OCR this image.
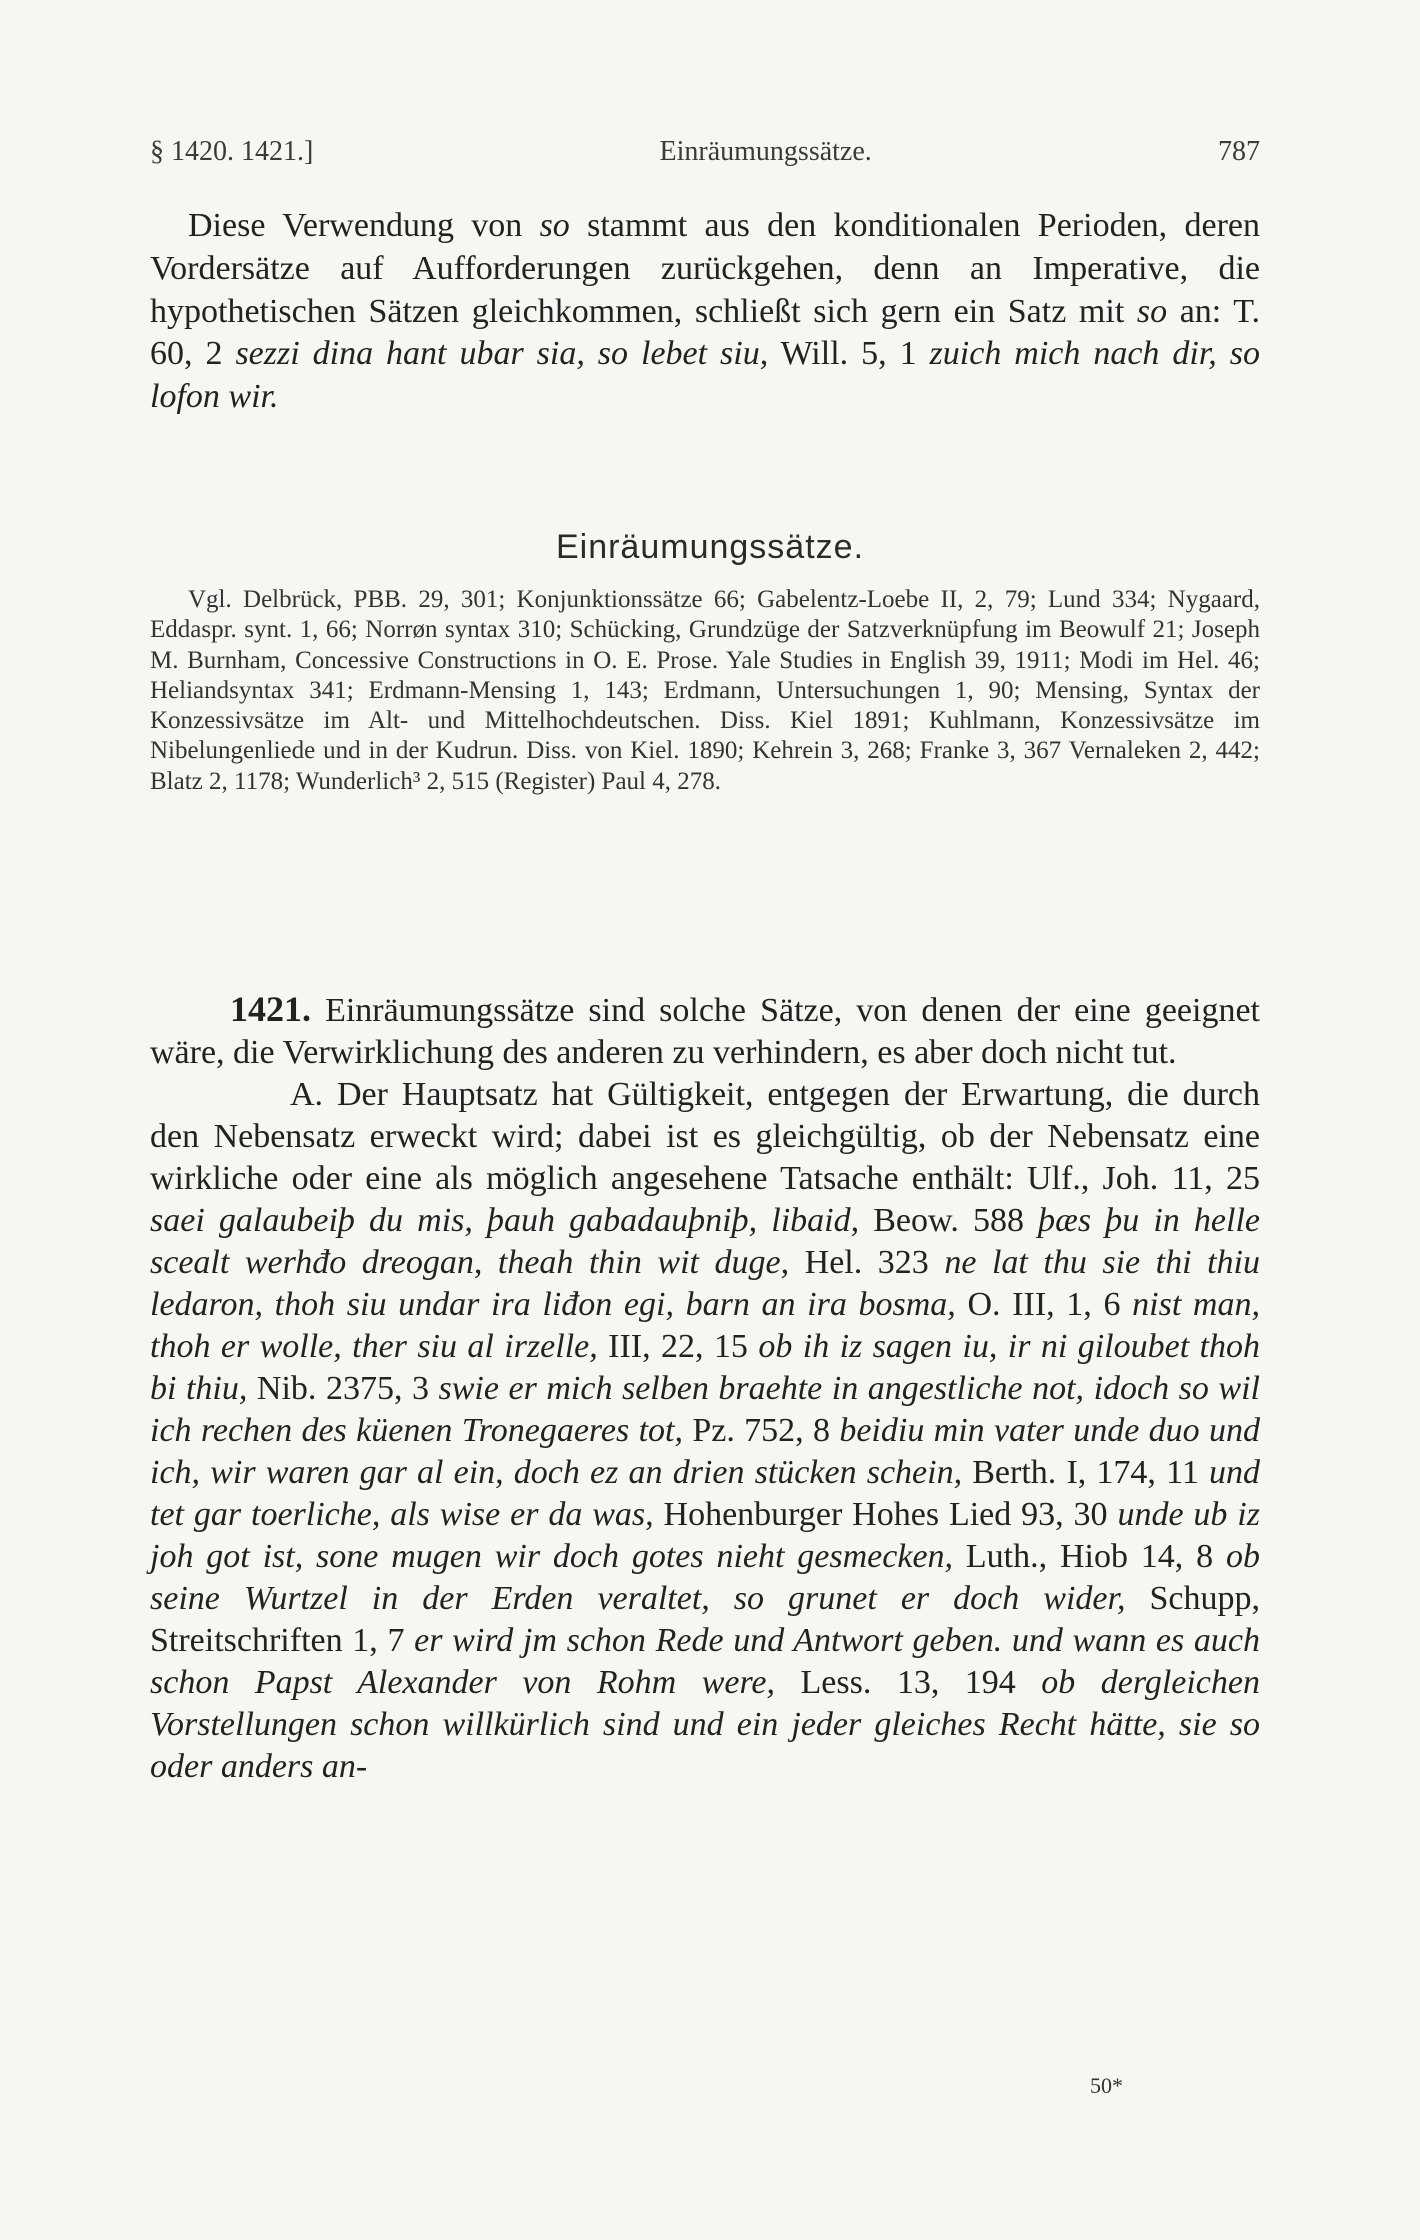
§ 1420. 1421.]	Einräumungssätze.	787

Diese Verwendung von so stammt aus den konditionalen Perioden, deren Vordersätze auf Aufforderungen zurückgehen, denn an Imperative, die hypothetischen Sätzen gleichkommen, schließt sich gern ein Satz mit so an: T. 60, 2 sezzi dina hant ubar sia, so lebet siu, Will. 5, 1 zuich mich nach dir, so lofon wir.

Einräumungssätze.

Vgl. Delbrück, PBB. 29, 301; Konjunktionssätze 66; Gabelentz-Loebe II, 2, 79; Lund 334; Nygaard, Eddaspr. synt. 1, 66; Norrøn syntax 310; Schücking, Grundzüge der Satzverknüpfung im Beowulf 21; Joseph M. Burnham, Concessive Constructions in O. E. Prose. Yale Studies in English 39, 1911; Modi im Hel. 46; Heliandsyntax 341; Erdmann-Mensing 1, 143; Erdmann, Untersuchungen 1, 90; Mensing, Syntax der Konzessivsätze im Alt- und Mittelhochdeutschen. Diss. Kiel 1891; Kuhlmann, Konzessivsätze im Nibelungenliede und in der Kudrun. Diss. von Kiel. 1890; Kehrein 3, 268; Franke 3, 367 Vernaleken 2, 442; Blatz 2, 1178; Wunderlich³ 2, 515 (Register) Paul 4, 278.

1421. Einräumungssätze sind solche Sätze, von denen der eine geeignet wäre, die Verwirklichung des anderen zu verhindern, es aber doch nicht tut.

A. Der Hauptsatz hat Gültigkeit, entgegen der Erwartung, die durch den Nebensatz erweckt wird; dabei ist es gleichgültig, ob der Nebensatz eine wirkliche oder eine als möglich angesehene Tatsache enthält: Ulf., Joh. 11, 25 saei galaubeiþ du mis, þauh gabadauþniþ, libaid, Beow. 588 þæs þu in helle scealt werhđo dreogan, theah thin wit duge, Hel. 323 ne lat thu sie thi thiu ledaron, thoh siu undar ira liđon egi, barn an ira bosma, O. III, 1, 6 nist man, thoh er wolle, ther siu al irzelle, III, 22, 15 ob ih iz sagen iu, ir ni giloubet thoh bi thiu, Nib. 2375, 3 swie er mich selben braehte in angestliche not, idoch so wil ich rechen des küenen Tronegaeres tot, Pz. 752, 8 beidiu min vater unde duo und ich, wir waren gar al ein, doch ez an drien stücken schein, Berth. I, 174, 11 und tet gar toerliche, als wise er da was, Hohenburger Hohes Lied 93, 30 unde ub iz joh got ist, sone mugen wir doch gotes nieht gesmecken, Luth., Hiob 14, 8 ob seine Wurtzel in der Erden veraltet, so grunet er doch wider, Schupp, Streitschriften 1, 7 er wird jm schon Rede und Antwort geben. und wann es auch schon Papst Alexander von Rohm were, Less. 13, 194 ob dergleichen Vorstellungen schon willkürlich sind und ein jeder gleiches Recht hätte, sie so oder anders an-

50*
